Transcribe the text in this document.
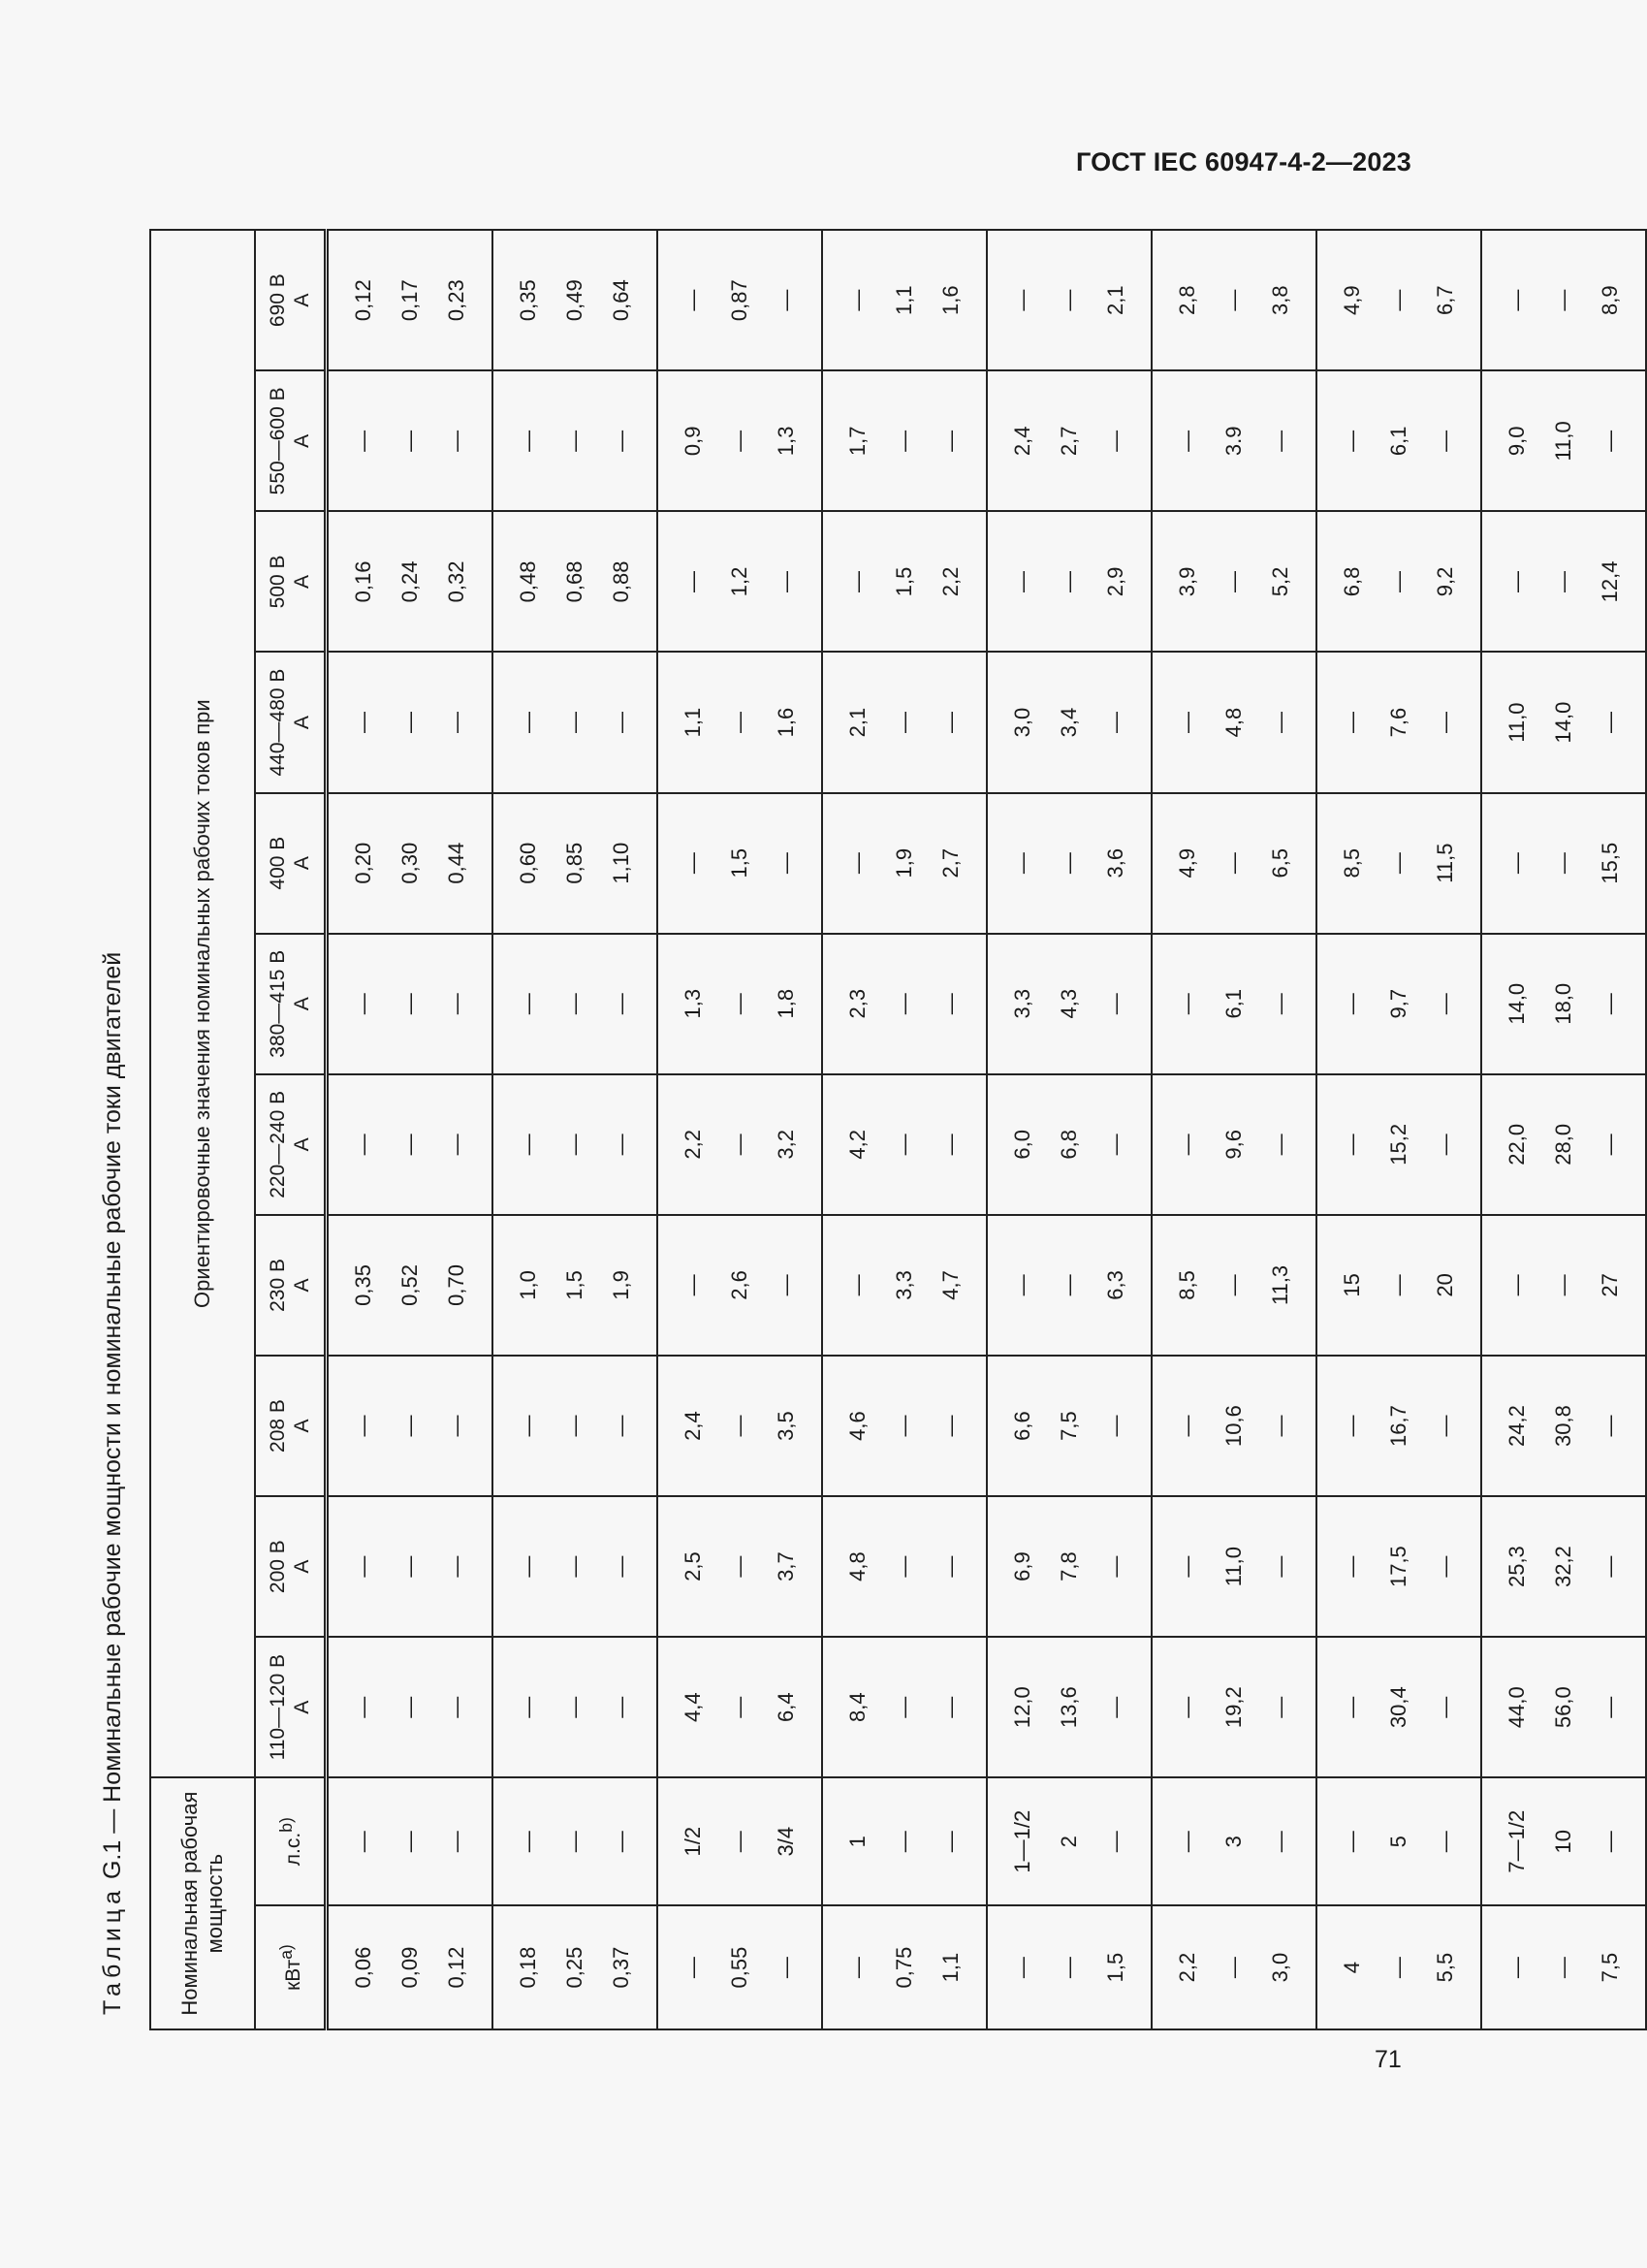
ГОСТ IEC 60947-4-2—2023
Таблица G.1 — Номинальные рабочие мощности и номинальные рабочие токи двигателей
Номинальная рабочая мощность		Ориентировочные значения номинальных рабочих токов при										
кВт$^{a)}$	л.с.$^{b)}$	110—120 В А	200 В А	208 В А	230 В А	220—240 В А	380—415 В А	400 В А	440—480 В А	500 В А	550—600 В А	690 В А

0,06	—	—	—	—	0,35	—	—	0,20	—	0,16	—	0,12
0,09	—	—	—	—	0,52	—	—	0,30	—	0,24	—	0,17
0,12	—	—	—	—	0,70	—	—	0,44	—	0,32	—	0,23
0,18	—	—	—	—	1,0	—	—	0,60	—	0,48	—	0,35
0,25	—	—	—	—	1,5	—	—	0,85	—	0,68	—	0,49
0,37	—	—	—	—	1,9	—	—	1,10	—	0,88	—	0,64
—	1/2	4,4	2,5	2,4	—	2,2	1,3	—	1,1	—	0,9	—
0,55	—	—	—	—	2,6	—	—	1,5	—	1,2	—	0,87
—	3/4	6,4	3,7	3,5	—	3,2	1,8	—	1,6	—	1,3	—
—	1	8,4	4,8	4,6	—	4,2	2,3	—	2,1	—	1,7	—
0,75	—	—	—	—	3,3	—	—	1,9	—	1,5	—	1,1
1,1	—	—	—	—	4,7	—	—	2,7	—	2,2	—	1,6
—	1—1/2	12,0	6,9	6,6	—	6,0	3,3	—	3,0	—	2,4	—
—	2	13,6	7,8	7,5	—	6,8	4,3	—	3,4	—	2,7	—
1,5	—	—	—	—	6,3	—	—	3,6	—	2,9	—	2,1
2,2	—	—	—	—	8,5	—	—	4,9	—	3,9	—	2,8
—	3	19,2	11,0	10,6	—	9,6	6,1	—	4,8	—	3.9	—
3,0	—	—	—	—	11,3	—	—	6,5	—	5,2	—	3,8
4	—	—	—	—	15	—	—	8,5	—	6,8	—	4,9
—	5	30,4	17,5	16,7	—	15,2	9,7	—	7,6	—	6,1	—
5,5	—	—	—	—	20	—	—	11,5	—	9,2	—	6,7
—	7—1/2	44,0	25,3	24,2	—	22,0	14,0	—	11,0	—	9,0	—
—	10	56,0	32,2	30,8	—	28,0	18,0	—	14,0	—	11,0	—
7,5	—	—	—	—	27	—	—	15,5	—	12,4	—	8,9
71
